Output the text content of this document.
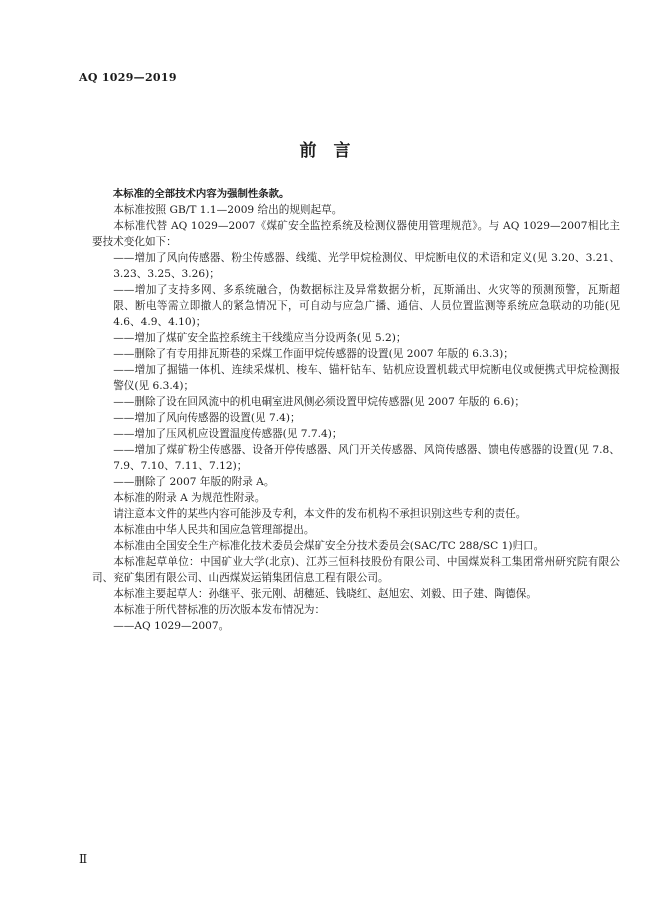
AQ 1029—2019
前　言

本标准的全部技术内容为强制性条款。

本标准按照 GB/T 1.1—2009 给出的规则起草。

本标准代替 AQ 1029—2007《煤矿安全监控系统及检测仪器使用管理规范》。与 AQ 1029—2007相比主要技术变化如下：

——增加了风向传感器、粉尘传感器、线缆、光学甲烷检测仪、甲烷断电仪的术语和定义(见 3.20、3.21、3.23、3.25、3.26)；

——增加了支持多网、多系统融合，伪数据标注及异常数据分析，瓦斯涌出、火灾等的预测预警，瓦斯超限、断电等需立即撤人的紧急情况下，可自动与应急广播、通信、人员位置监测等系统应急联动的功能(见 4.6、4.9、4.10)；

——增加了煤矿安全监控系统主干线缆应当分设两条(见 5.2)；

——删除了有专用排瓦斯巷的采煤工作面甲烷传感器的设置(见 2007 年版的 6.3.3)；

——增加了掘锚一体机、连续采煤机、梭车、锚杆钻车、钻机应设置机载式甲烷断电仪或便携式甲烷检测报警仪(见 6.3.4)；

——删除了设在回风流中的机电硐室进风侧必须设置甲烷传感器(见 2007 年版的 6.6)；

——增加了风向传感器的设置(见 7.4)；

——增加了压风机应设置温度传感器(见 7.7.4)；

——增加了煤矿粉尘传感器、设备开停传感器、风门开关传感器、风筒传感器、馈电传感器的设置(见 7.8、7.9、7.10、7.11、7.12)；

——删除了 2007 年版的附录 A。

本标准的附录 A 为规范性附录。

请注意本文件的某些内容可能涉及专利，本文件的发布机构不承担识别这些专利的责任。

本标准由中华人民共和国应急管理部提出。

本标准由全国安全生产标准化技术委员会煤矿安全分技术委员会(SAC/TC 288/SC 1)归口。

本标准起草单位：中国矿业大学(北京)、江苏三恒科技股份有限公司、中国煤炭科工集团常州研究院有限公司、兖矿集团有限公司、山西煤炭运销集团信息工程有限公司。

本标准主要起草人：孙继平、张元刚、胡穗延、钱晓红、赵旭宏、刘毅、田子建、陶德保。

本标准于所代替标准的历次版本发布情况为：

——AQ 1029—2007。

Ⅱ
